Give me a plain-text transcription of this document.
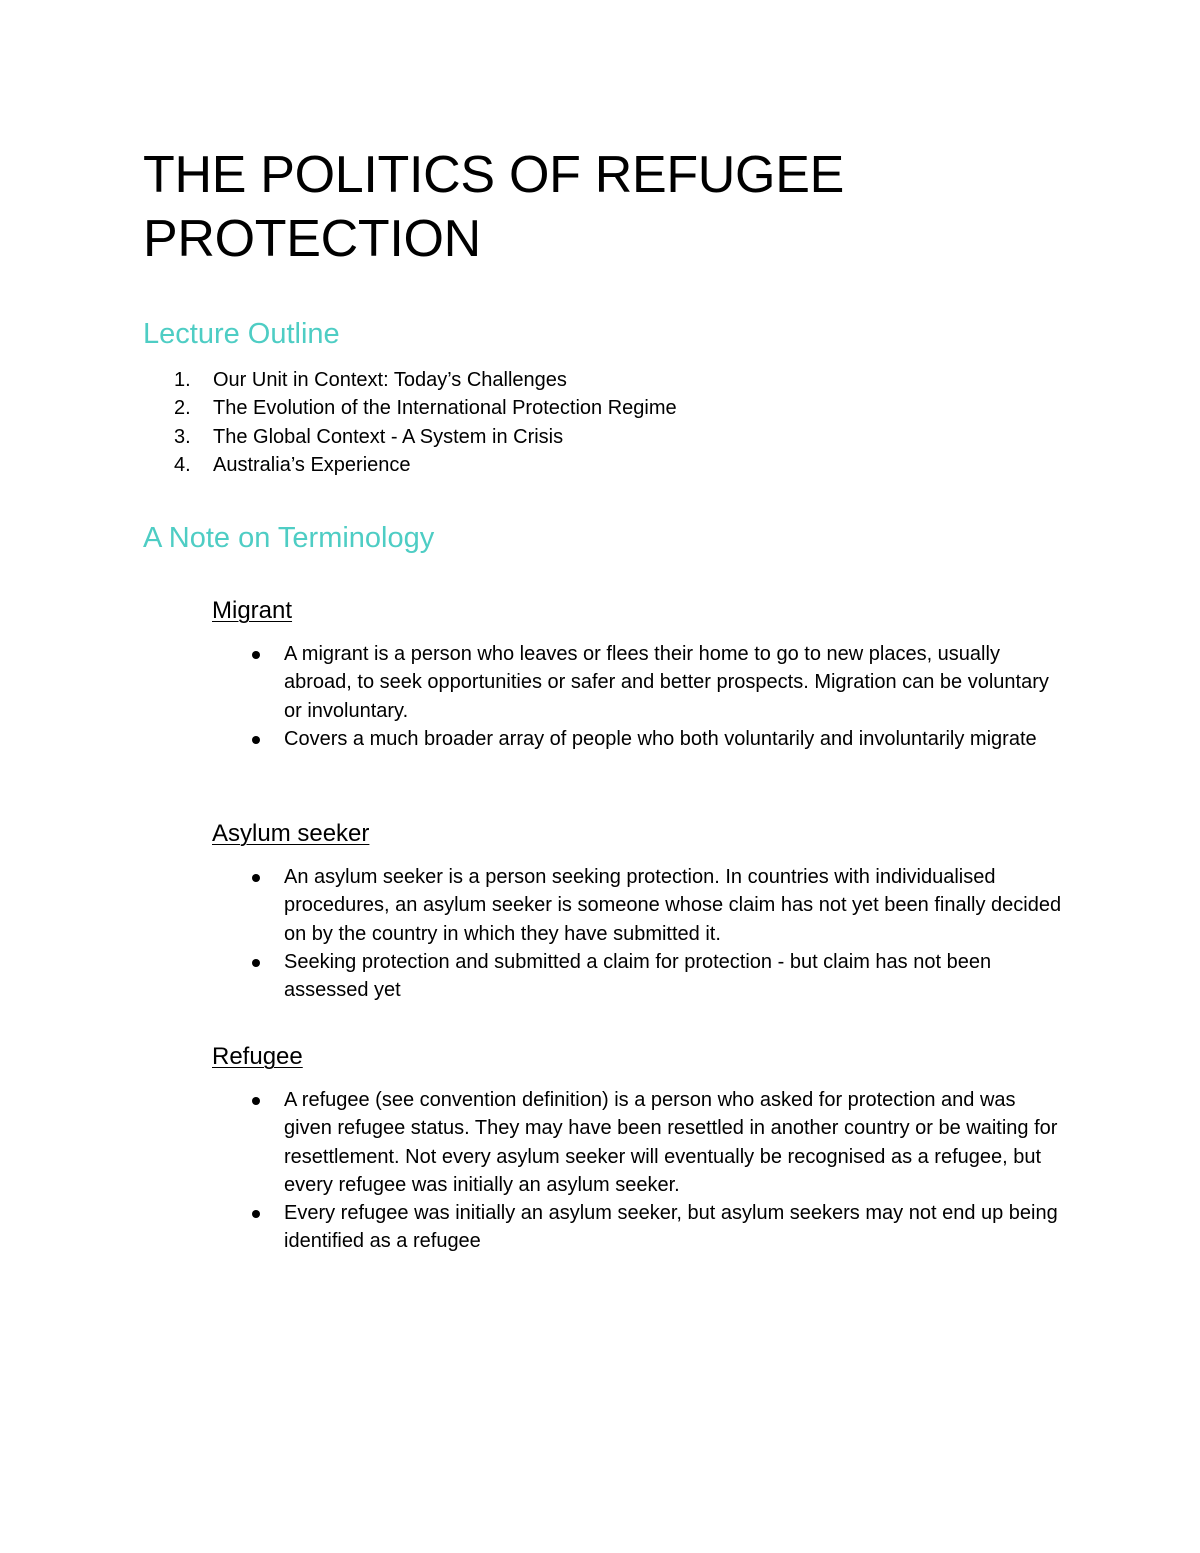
THE POLITICS OF REFUGEE
PROTECTION
Lecture Outline
1. Our Unit in Context: Today’s Challenges
2. The Evolution of the International Protection Regime
3. The Global Context - A System in Crisis
4. Australia’s Experience
A Note on Terminology
Migrant
A migrant is a person who leaves or flees their home to go to new places, usually abroad, to seek opportunities or safer and better prospects. Migration can be voluntary or involuntary.
Covers a much broader array of people who both voluntarily and involuntarily migrate
Asylum seeker
An asylum seeker is a person seeking protection. In countries with individualised procedures, an asylum seeker is someone whose claim has not yet been finally decided on by the country in which they have submitted it.
Seeking protection and submitted a claim for protection - but claim has not been assessed yet
Refugee
A refugee (see convention definition) is a person who asked for protection and was given refugee status. They may have been resettled in another country or be waiting for resettlement. Not every asylum seeker will eventually be recognised as a refugee, but every refugee was initially an asylum seeker.
Every refugee was initially an asylum seeker, but asylum seekers may not end up being identified as a refugee
